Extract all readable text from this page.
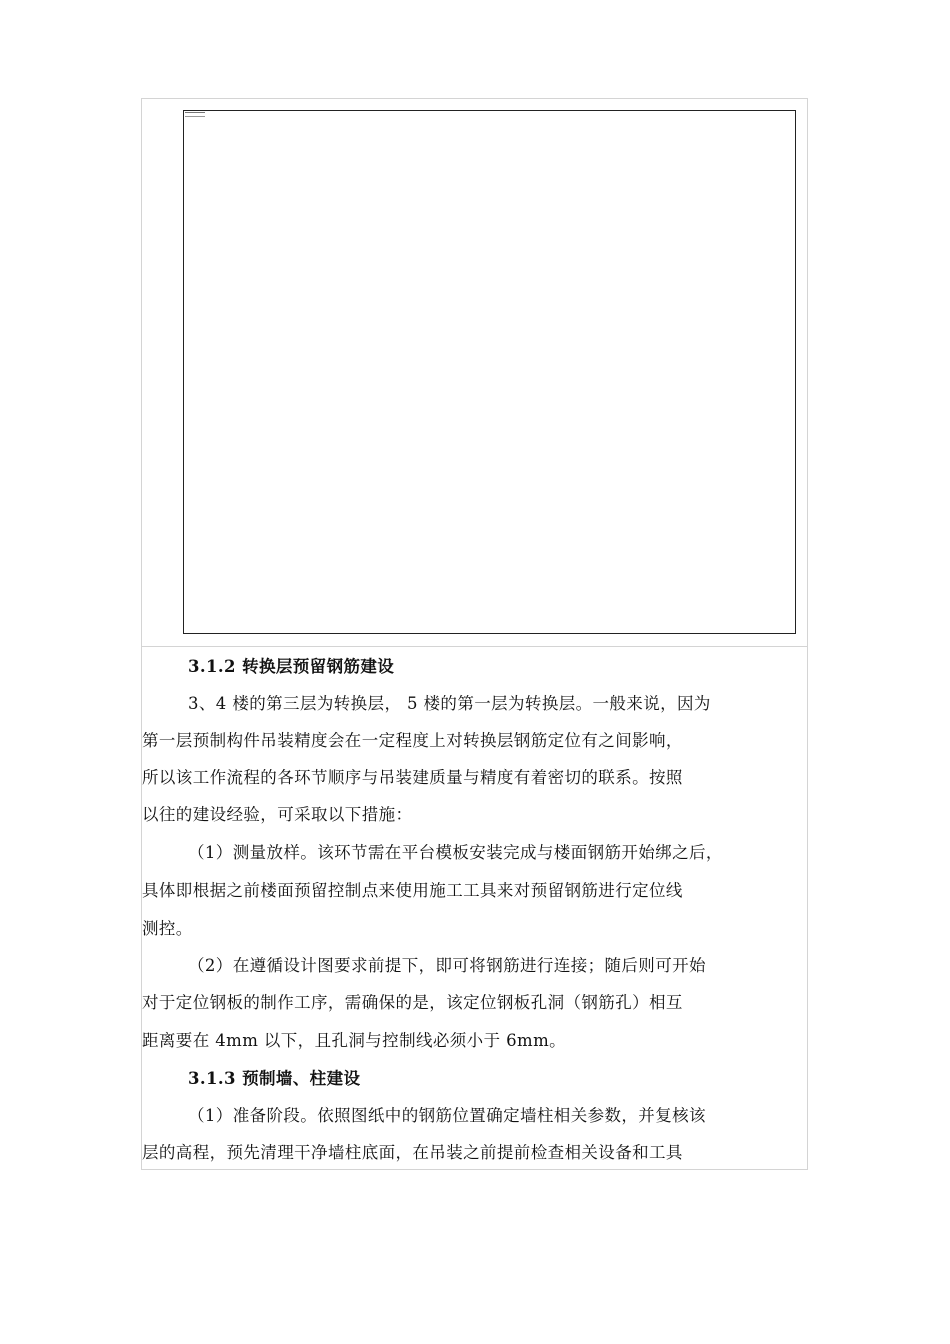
3.1.2 转换层预留钢筋建设
3、4 楼的第三层为转换层， 5 楼的第一层为转换层。一般来说，因为
第一层预制构件吊装精度会在一定程度上对转换层钢筋定位有之间影响，
所以该工作流程的各环节顺序与吊装建质量与精度有着密切的联系。按照
以往的建设经验，可采取以下措施：
（1）测量放样。该环节需在平台模板安装完成与楼面钢筋开始绑之后，
具体即根据之前楼面预留控制点来使用施工工具来对预留钢筋进行定位线
测控。
（2）在遵循设计图要求前提下，即可将钢筋进行连接；随后则可开始
对于定位钢板的制作工序，需确保的是，该定位钢板孔洞（钢筋孔）相互
距离要在 4mm 以下，且孔洞与控制线必须小于 6mm。
3.1.3 预制墙、柱建设
（1）准备阶段。依照图纸中的钢筋位置确定墙柱相关参数，并复核该
层的高程，预先清理干净墙柱底面，在吊装之前提前检查相关设备和工具
